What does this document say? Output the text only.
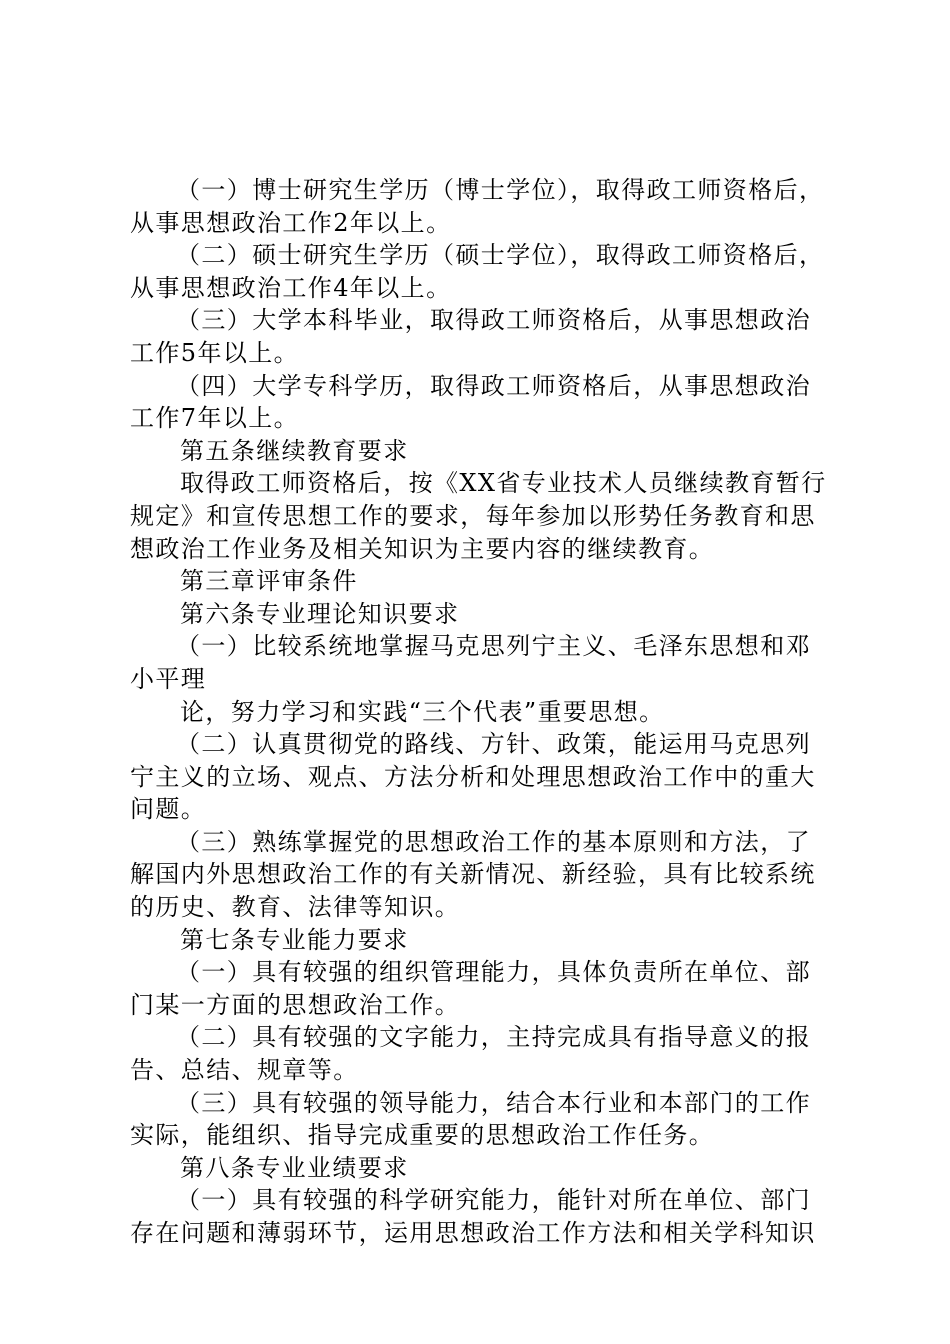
（一）博士研究生学历（博士学位），取得政工师资格后，
从事思想政治工作2年以上。
（二）硕士研究生学历（硕士学位），取得政工师资格后，
从事思想政治工作4年以上。
（三）大学本科毕业，取得政工师资格后，从事思想政治
工作5年以上。
（四）大学专科学历，取得政工师资格后，从事思想政治
工作7年以上。
第五条继续教育要求
取得政工师资格后，按《XX省专业技术人员继续教育暂行
规定》和宣传思想工作的要求，每年参加以形势任务教育和思
想政治工作业务及相关知识为主要内容的继续教育。
第三章评审条件
第六条专业理论知识要求
（一）比较系统地掌握马克思列宁主义、毛泽东思想和邓
小平理
论，努力学习和实践“三个代表”重要思想。
（二）认真贯彻党的路线、方针、政策，能运用马克思列
宁主义的立场、观点、方法分析和处理思想政治工作中的重大
问题。
（三）熟练掌握党的思想政治工作的基本原则和方法，了
解国内外思想政治工作的有关新情况、新经验，具有比较系统
的历史、教育、法律等知识。
第七条专业能力要求
（一）具有较强的组织管理能力，具体负责所在单位、部
门某一方面的思想政治工作。
（二）具有较强的文字能力，主持完成具有指导意义的报
告、总结、规章等。
（三）具有较强的领导能力，结合本行业和本部门的工作
实际，能组织、指导完成重要的思想政治工作任务。
第八条专业业绩要求
（一）具有较强的科学研究能力，能针对所在单位、部门
存在问题和薄弱环节，运用思想政治工作方法和相关学科知识
